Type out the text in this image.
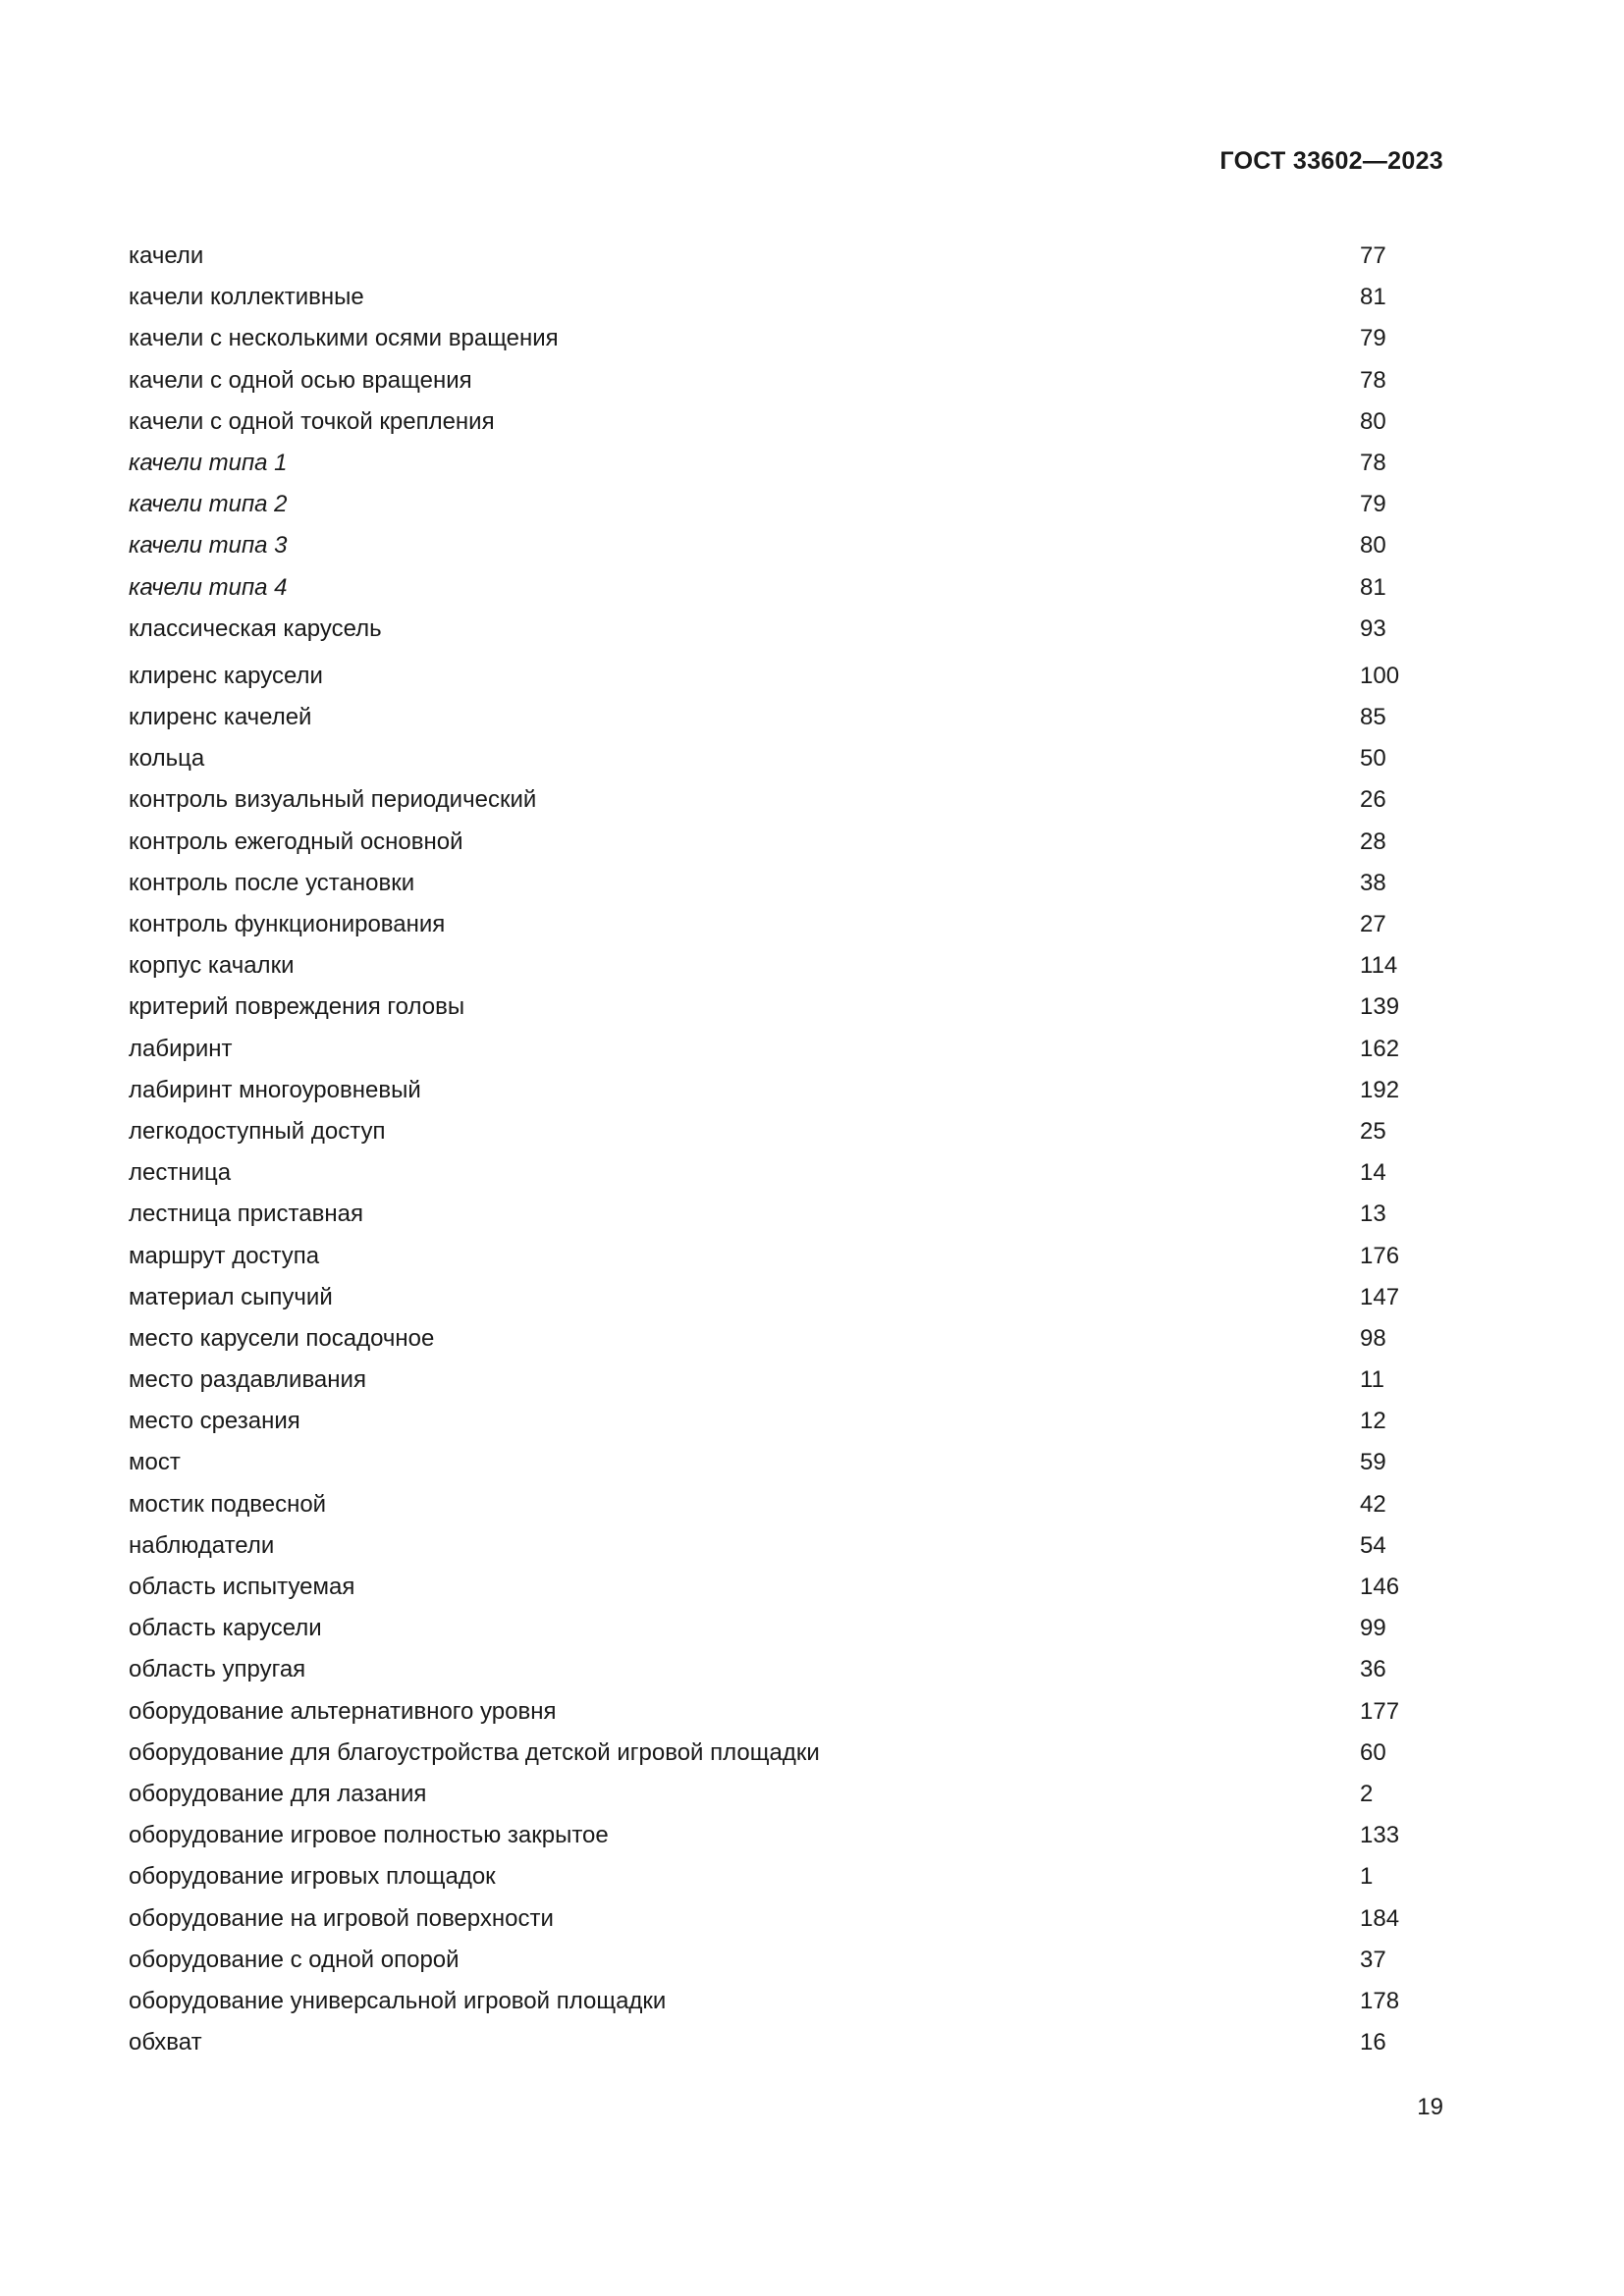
ГОСТ 33602—2023
качели	77
качели коллективные	81
качели с несколькими осями вращения	79
качели с одной осью вращения	78
качели с одной точкой крепления	80
качели типа 1	78
качели типа 2	79
качели типа 3	80
качели типа 4	81
классическая карусель	93
клиренс карусели	100
клиренс качелей	85
кольца	50
контроль визуальный периодический	26
контроль ежегодный основной	28
контроль после установки	38
контроль функционирования	27
корпус качалки	114
критерий повреждения головы	139
лабиринт	162
лабиринт многоуровневый	192
легкодоступный доступ	25
лестница	14
лестница приставная	13
маршрут доступа	176
материал сыпучий	147
место карусели посадочное	98
место раздавливания	11
место срезания	12
мост	59
мостик подвесной	42
наблюдатели	54
область испытуемая	146
область карусели	99
область упругая	36
оборудование альтернативного уровня	177
оборудование для благоустройства детской игровой площадки	60
оборудование для лазания	2
оборудование игровое полностью закрытое	133
оборудование игровых площадок	1
оборудование на игровой поверхности	184
оборудование с одной опорой	37
оборудование универсальной игровой площадки	178
обхват	16

19
